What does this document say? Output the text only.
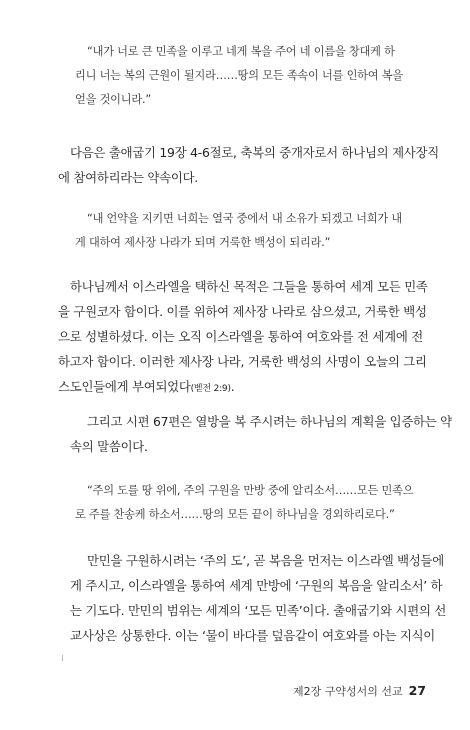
“내가 너로 큰 민족을 이루고 네게 복을 주어 네 이름을 창대케 하
리니 너는 복의 근원이 될지라……땅의 모든 족속이 너를 인하여 복을
얻을 것이니라.”
다음은 출애굽기 19장 4-6절로, 축복의 중개자로서 하나님의 제사장직
에 참여하리라는 약속이다.
“내 언약을 지키면 너희는 열국 중에서 내 소유가 되겠고 너희가 내
게 대하여 제사장 나라가 되며 거룩한 백성이 되리라.”
하나님께서 이스라엘을 택하신 목적은 그들을 통하여 세계 모든 민족
을 구원코자 함이다. 이를 위하여 제사장 나라로 삼으셨고, 거룩한 백성
으로 성별하셨다. 이는 오직 이스라엘을 통하여 여호와를 전 세계에 전
하고자 함이다. 이러한 제사장 나라, 거룩한 백성의 사명이 오늘의 그리
스도인들에게 부여되었다(벧전 2:9).
그리고 시편 67편은 열방을 복 주시려는 하나님의 계획을 입증하는 약
속의 말씀이다.
“주의 도를 땅 위에, 주의 구원을 만방 중에 알리소서……모든 민족으
로 주를 찬송케 하소서……땅의 모든 끝이 하나님을 경외하리로다.”
만민을 구원하시려는 ‘주의 도’, 곧 복음을 먼저는 이스라엘 백성들에
게 주시고, 이스라엘을 통하여 세계 만방에 ‘구원의 복음을 알리소서’ 하
는 기도다. 만민의 범위는 세계의 ‘모든 민족’이다. 출애굽기와 시편의 선
교사상은 상통한다. 이는 ‘물이 바다를 덮음같이 여호와를 아는 지식이
제2장 구약성서의 선교 27
